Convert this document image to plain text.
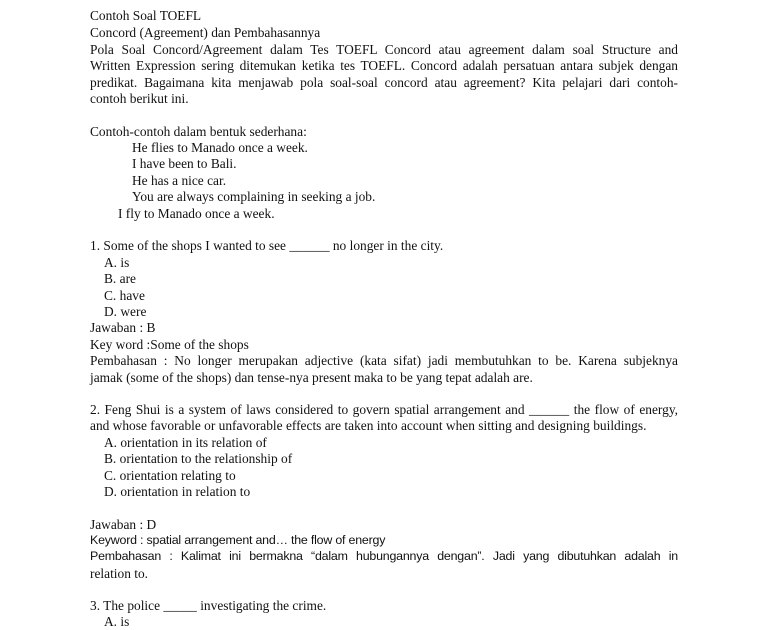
Contoh Soal TOEFL
Concord (Agreement) dan Pembahasannya
Pola Soal Concord/Agreement dalam Tes TOEFL Concord atau agreement dalam soal Structure and
Written Expression sering ditemukan ketika tes TOEFL. Concord adalah persatuan antara subjek dengan
predikat. Bagaimana kita menjawab pola soal-soal concord atau agreement? Kita pelajari dari contoh-
contoh berikut ini.
Contoh-contoh dalam bentuk sederhana:
He flies to Manado once a week.
I have been to Bali.
He has a nice car.
You are always complaining in seeking a job.
I fly to Manado once a week.
1. Some of the shops I wanted to see ______ no longer in the city.
A. is
B. are
C. have
D. were
Jawaban : B
Key word :Some of the shops
Pembahasan : No longer merupakan adjective (kata sifat) jadi membutuhkan to be. Karena subjeknya
jamak (some of the shops) dan tense-nya present maka to be yang tepat adalah are.
2. Feng Shui is a system of laws considered to govern spatial arrangement and ______ the flow of energy,
and whose favorable or unfavorable effects are taken into account when sitting and designing buildings.
A. orientation in its relation of
B. orientation to the relationship of
C. orientation relating to
D. orientation in relation to
Jawaban : D
Keyword : spatial arrangement and… the flow of energy
Pembahasan : Kalimat ini bermakna “dalam hubungannya dengan”. Jadi yang dibutuhkan adalah in
relation to.
3. The police _____ investigating the crime.
A. is
